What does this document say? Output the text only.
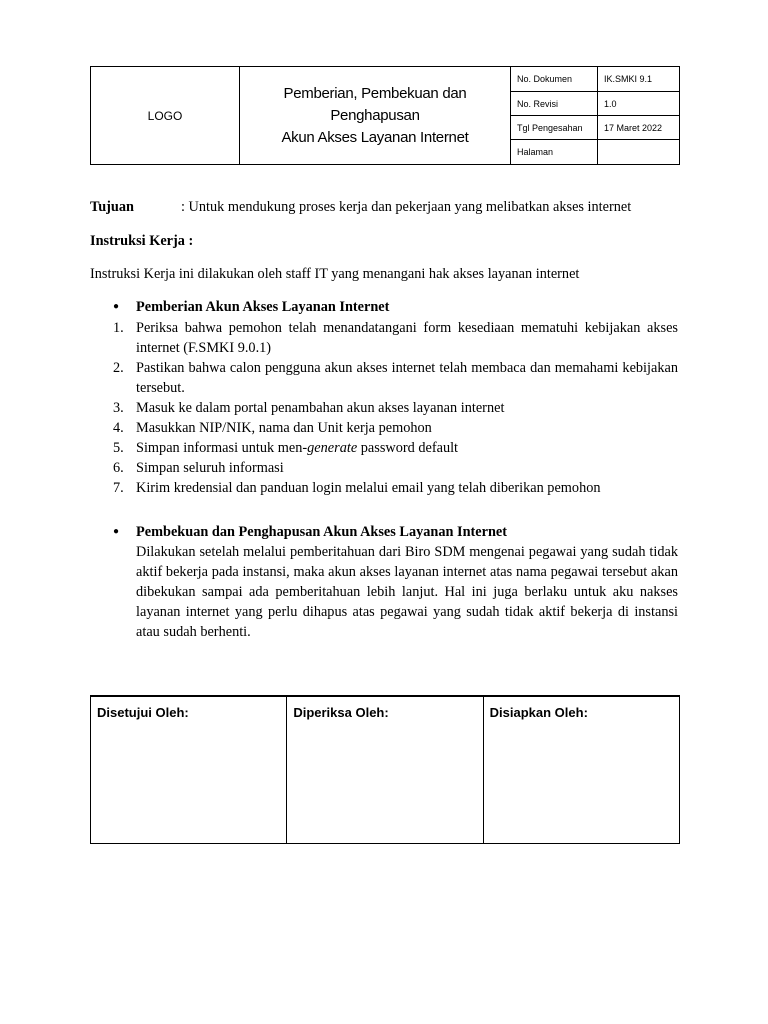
LOGO	Pemberian, Pembekuan dan Penghapusan
Akun Akses Layanan Internet	No. Dokumen	IK.SMKI 9.1
		No. Revisi	1.0
		Tgl Pengesahan	17 Maret 2022
		Halaman	
Tujuan	: Untuk mendukung proses kerja dan pekerjaan yang melibatkan akses internet
Instruksi Kerja :
Instruksi Kerja ini dilakukan oleh staff IT yang menangani hak akses layanan internet
● Pemberian Akun Akses Layanan Internet
1. Periksa bahwa pemohon telah menandatangani form kesediaan mematuhi kebijakan akses internet (F.SMKI 9.0.1)
2. Pastikan bahwa calon pengguna akun akses internet telah membaca dan memahami kebijakan tersebut.
3. Masuk ke dalam portal penambahan akun akses layanan internet
4. Masukkan NIP/NIK, nama dan Unit kerja pemohon
5. Simpan informasi untuk men-generate password default
6. Simpan seluruh informasi
7. Kirim kredensial dan panduan login melalui email yang telah diberikan pemohon
● Pembekuan dan Penghapusan Akun Akses Layanan Internet
Dilakukan setelah melalui pemberitahuan dari Biro SDM mengenai pegawai yang sudah tidak aktif bekerja pada instansi, maka akun akses layanan internet atas nama pegawai tersebut akan dibekukan sampai ada pemberitahuan lebih lanjut. Hal ini juga berlaku untuk aku nakses layanan internet yang perlu dihapus atas pegawai yang sudah tidak aktif bekerja di instansi atau sudah berhenti.
Disetujui Oleh:	Diperiksa Oleh:	Disiapkan Oleh:
